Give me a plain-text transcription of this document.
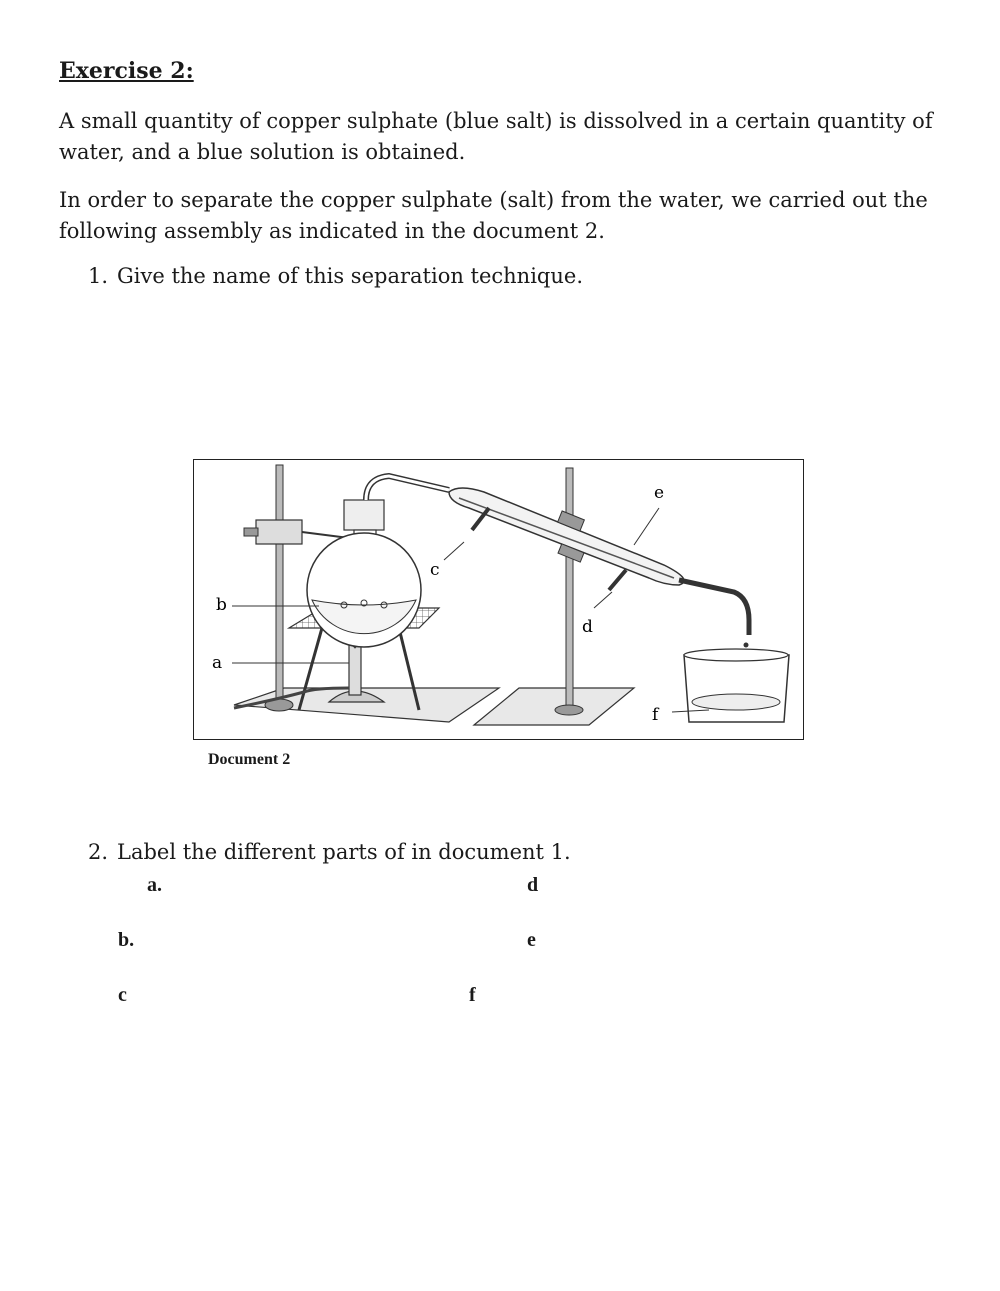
Exercise 2:
A small quantity of copper sulphate (blue salt) is dissolved in a certain quantity of water, and a blue solution is obtained.
In order to separate the copper sulphate (salt) from the water, we carried out the following assembly as indicated in the document 2.
1. Give the name of this separation technique.
b
a
c
d
e
f
Document 2
2. Label the different parts of in document 1.
a.	d
b.	e
c	f
